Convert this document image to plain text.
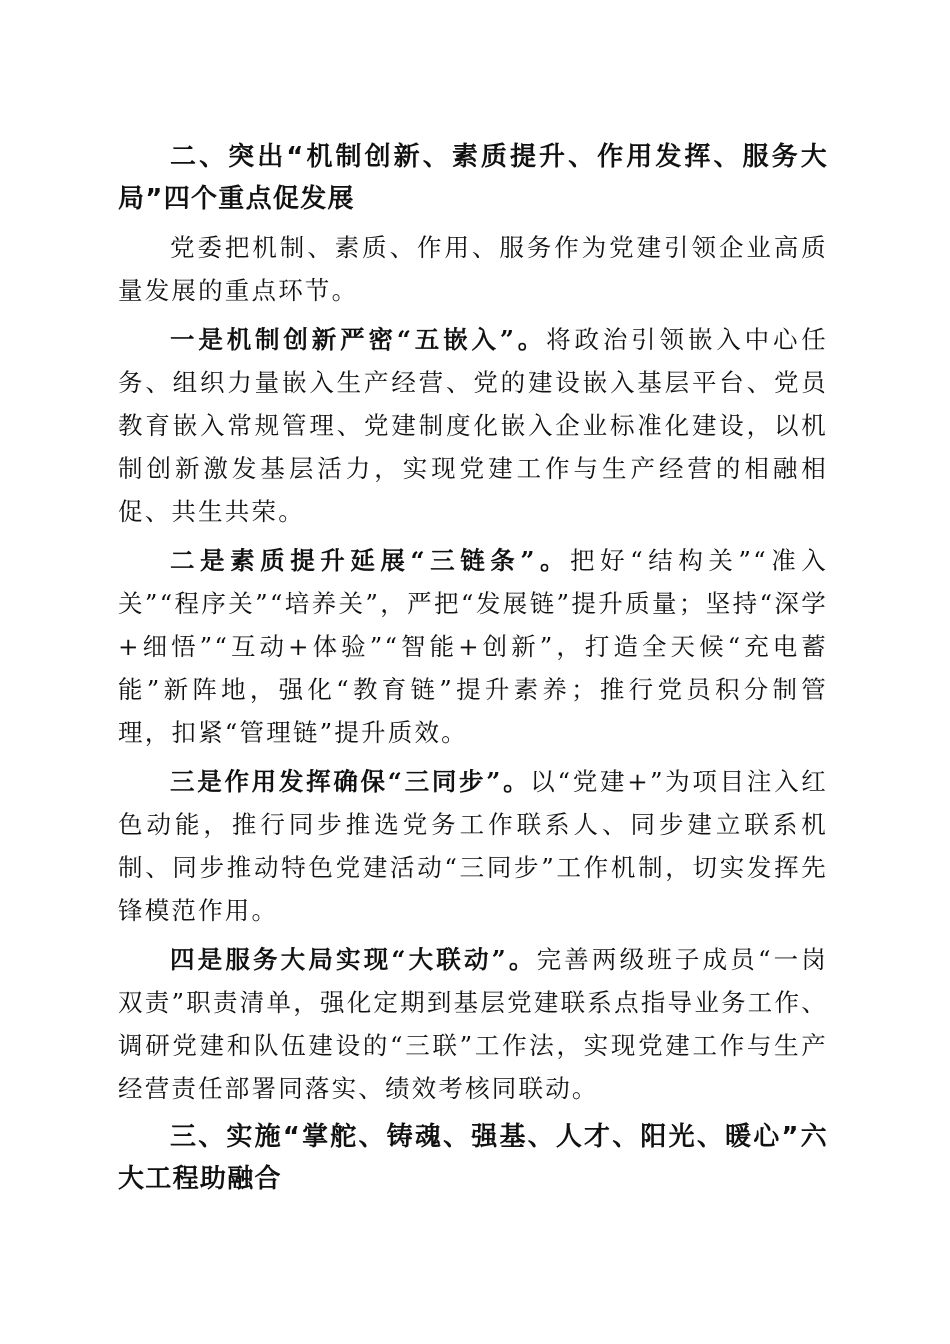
二、突出“机制创新、素质提升、作用发挥、服务大局”四个重点促发展

党委把机制、素质、作用、服务作为党建引领企业高质量发展的重点环节。

一是机制创新严密“五嵌入”。将政治引领嵌入中心任务、组织力量嵌入生产经营、党的建设嵌入基层平台、党员教育嵌入常规管理、党建制度化嵌入企业标准化建设，以机制创新激发基层活力，实现党建工作与生产经营的相融相促、共生共荣。

二是素质提升延展“三链条”。把好“结构关”“准入关”“程序关”“培养关”，严把“发展链”提升质量；坚持“深学+细悟”“互动+体验”“智能+创新”，打造全天候“充电蓄能”新阵地，强化“教育链”提升素养；推行党员积分制管理，扣紧“管理链”提升质效。

三是作用发挥确保“三同步”。以“党建+”为项目注入红色动能，推行同步推选党务工作联系人、同步建立联系机制、同步推动特色党建活动“三同步”工作机制，切实发挥先锋模范作用。

四是服务大局实现“大联动”。完善两级班子成员“一岗双责”职责清单，强化定期到基层党建联系点指导业务工作、调研党建和队伍建设的“三联”工作法，实现党建工作与生产经营责任部署同落实、绩效考核同联动。

三、实施“掌舵、铸魂、强基、人才、阳光、暖心”六大工程助融合
